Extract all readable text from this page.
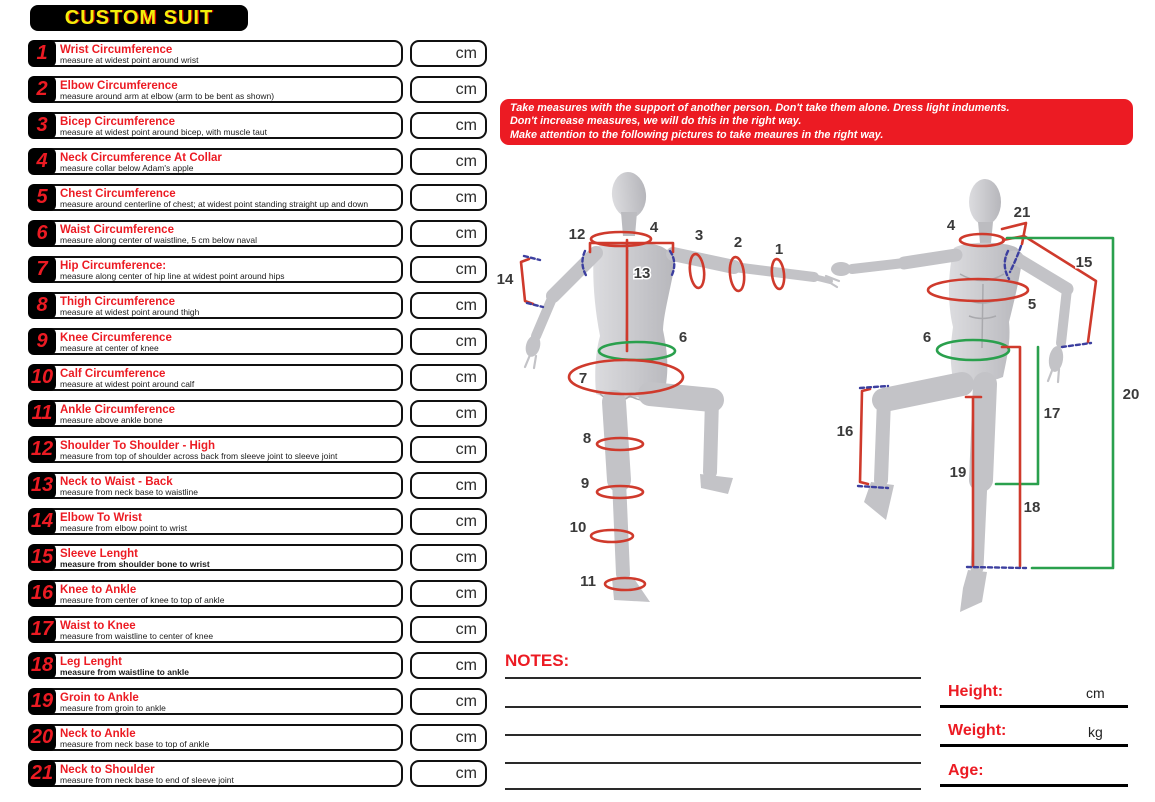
CUSTOM SUIT
Wrist Circumference
measure at widest point around wrist
1	cm
Elbow Circumference
measure around arm at elbow (arm to be bent as shown)
2	cm
Bicep Circumference
measure at widest point around bicep, with muscle taut
3	cm
Neck Circumference At Collar
measure collar below Adam's apple
4	cm
Chest Circumference
measure around centerline of chest; at widest point standing straight up and down
5	cm
Waist Circumference
measure along center of waistline, 5 cm below naval
6	cm
Hip Circumference:
measure along center of hip line at widest point around hips
7	cm
Thigh Circumference
measure at widest point around thigh
8	cm
Knee Circumference
measure at center of knee
9	cm
Calf Circumference
measure at widest point around calf
10	cm
Ankle Circumference
measure above ankle bone
11	cm
Shoulder To Shoulder - High
measure from top of shoulder across back from sleeve joint to sleeve joint
12	cm
Neck to Waist - Back
measure from neck base to waistline
13	cm
Elbow To Wrist
measure from elbow point to wrist
14	cm
Sleeve Lenght
measure from shoulder bone to wrist
15	cm
Knee to Ankle
measure from center of knee to top of ankle
16	cm
Waist to Knee
measure from waistline to center of knee
17	cm
Leg Lenght
measure from waistline to ankle
18	cm
Groin to Ankle
measure from groin to ankle
19	cm
Neck to Ankle
measure from neck base to top of ankle
20	cm
Neck to Shoulder
measure from neck base to end of sleeve joint
21	cm
Take measures with the support of another person. Don't take them alone. Dress light induments.
Don't increase measures, we will do this in the right way.
Make attention to the following pictures to take meaures in the right way.
1
2
3
4
12
13
14
6
7
8
9
10
11
4
21
15
5
6
16
17
19
18
20
NOTES:
Height:	cm
Weight:	kg
Age:
